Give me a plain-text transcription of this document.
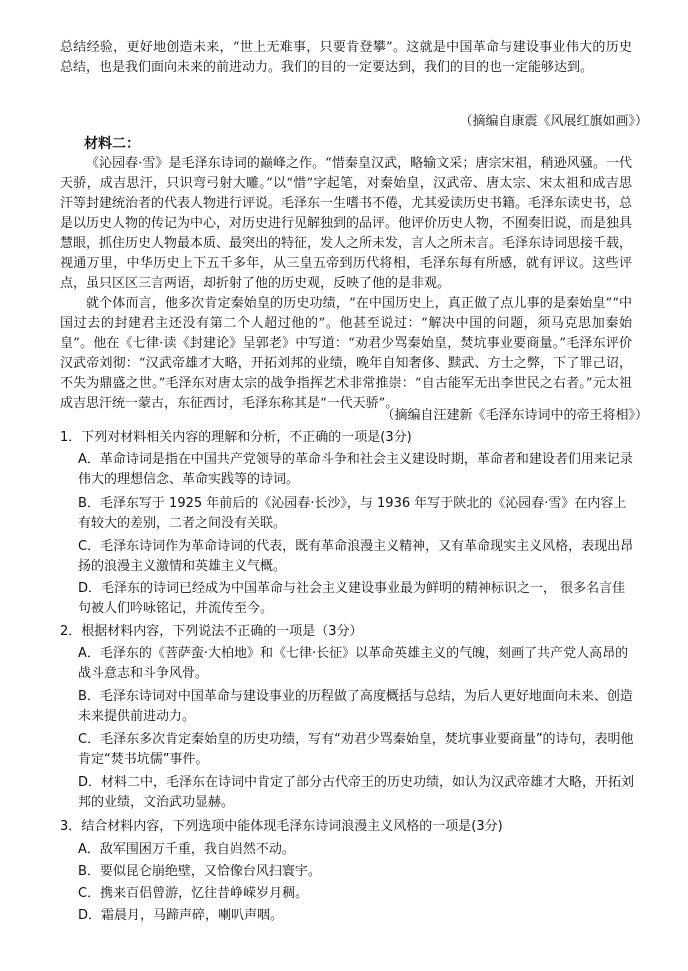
总结经验，更好地创造未来，“世上无难事，只要肯登攀”。这就是中国革命与建设事业伟大的历史总结，也是我们面向未来的前进动力。我们的目的一定要达到，我们的目的也一定能够达到。

（摘编自康震《风展红旗如画》）

材料二：

《沁园春·雪》是毛泽东诗词的巅峰之作。“惜秦皇汉武，略输文采；唐宗宋祖，稍逊风骚。一代天骄，成吉思汗，只识弯弓射大雕。”以“惜”字起笔，对秦始皇，汉武帝、唐太宗、宋太祖和成吉思汗等封建统治者的代表人物进行评说。毛泽东一生嗜书不倦，尤其爱读历史书籍。毛泽东读史书，总是以历史人物的传记为中心，对历史进行见解独到的品评。他评价历史人物，不囿奏旧说，而是独具慧眼，抓住历史人物最本质、最突出的特征，发人之所未发，言人之所未言。毛泽东诗词思接千载，视通万里，中华历史上下五千多年，从三皇五帝到历代将相，毛泽东每有所感，就有评议。这些评点，虽只区区三言两语，却折射了他的历史观，反映了他的是非观。

就个体而言，他多次肯定秦始皇的历史功绩，“在中国历史上，真正做了点儿事的是秦始皇”“中国过去的封建君主还没有第二个人超过他的”。他甚至说过：“解决中国的问题，须马克思加秦始皇”。他在《七律·读《封建论》呈郭老》中写道：“劝君少骂秦始皇，焚坑事业要商量。”毛泽东评价汉武帝刘彻：“汉武帝雄才大略，开拓刘邦的业绩，晚年自知奢侈、黩武、方士之弊，下了罪己诏，不失为鼎盛之世。”毛泽东对唐太宗的战争指挥艺术非常推崇：“自古能军无出李世民之右者。”元太祖成吉思汗统一蒙古，东征西讨，毛泽东称其是“一代天骄”。

（摘编自汪建新《毛泽东诗词中的帝王将相》）

1．下列对材料相关内容的理解和分析，不正确的一项是(3分)

A．革命诗词是指在中国共产党领导的革命斗争和社会主义建设时期，革命者和建设者们用来记录伟大的理想信念、革命实践等的诗词。

B．毛泽东写于 1925 年前后的《沁园春·长沙》，与 1936 年写于陕北的《沁园春·雪》在内容上有较大的差别，二者之间没有关联。

C．毛泽东诗词作为革命诗词的代表，既有革命浪漫主义精神，又有革命现实主义风格，表现出昂扬的浪漫主义激情和英雄主义气概。

D．毛泽东的诗词已经成为中国革命与社会主义建设事业最为鲜明的精神标识之一， 很多名言佳句被人们吟咏铭记，并流传至今。

2．根据材料内容，下列说法不正确的一项是（3分）

A．毛泽东的《菩萨蛮·大柏地》和《七律·长征》以革命英雄主义的气魄，刻画了共产党人高昂的战斗意志和斗争风骨。

B．毛泽东诗词对中国革命与建设事业的历程做了高度概括与总结，为后人更好地面向未来、创造未来提供前进动力。

C．毛泽东多次肯定秦始皇的历史功绩，写有“劝君少骂秦始皇，焚坑事业要商量”的诗句，表明他肯定“焚书坑儒”事件。

D．材料二中，毛泽东在诗词中肯定了部分古代帝王的历史功绩，如认为汉武帝雄才大略，开拓刘邦的业绩，文治武功显赫。

3．结合材料内容，下列选项中能体现毛泽东诗词浪漫主义风格的一项是(3分)

A．敌军围困万千重，我自岿然不动。

B．要似昆仑崩绝壁，又恰像台风扫寰宇。

C．携来百侣曾游，忆往昔峥嵘岁月稠。

D．霜晨月，马蹄声碎，喇叭声咽。
